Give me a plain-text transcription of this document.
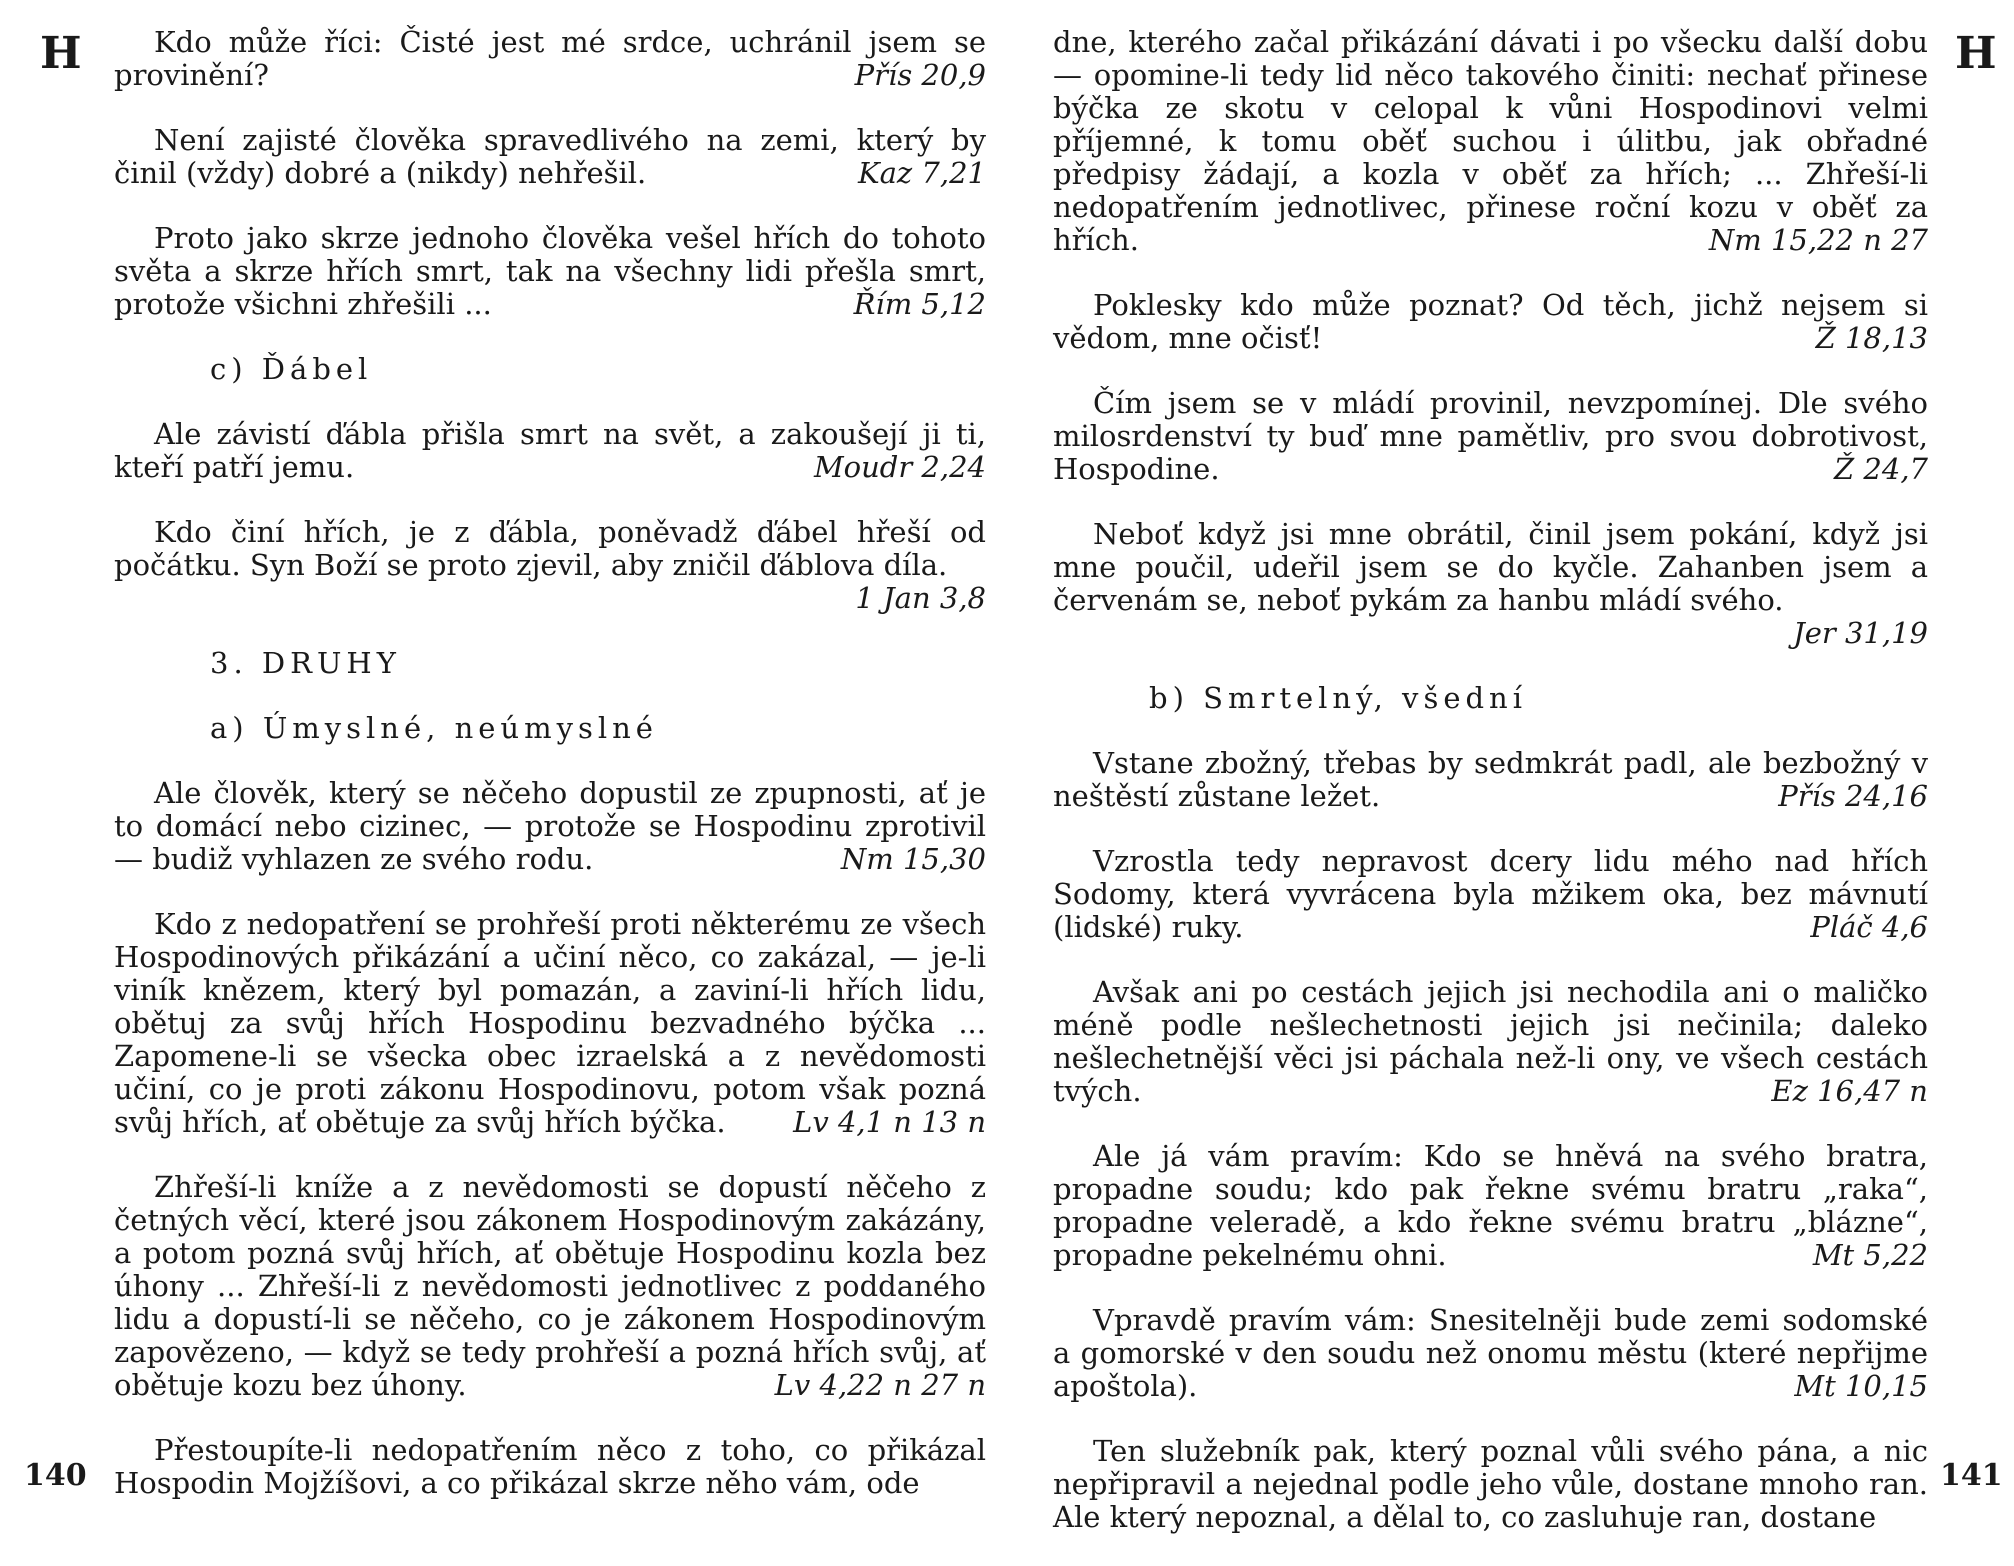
H	H
Kdo může říci: Čisté jest mé srdce, uchránil jsem se provinění?	Přís 20,9
Není zajisté člověka spravedlivého na zemi, který by činil (vždy) dobré a (nikdy) nehřešil.	Kaz 7,21
Proto jako skrze jednoho člověka vešel hřích do tohoto světa a skrze hřích smrt, tak na všechny lidi přešla smrt, protože všichni zhřešili ...	Řím 5,12
c) Ďábel
Ale závistí ďábla přišla smrt na svět, a zakoušejí ji ti, kteří patří jemu.	Moudr 2,24
Kdo činí hřích, je z ďábla, poněvadž ďábel hřeší od počátku. Syn Boží se proto zjevil, aby zničil ďáblova díla.
1 Jan 3,8
3. DRUHY
a) Úmyslné, neúmyslné
Ale člověk, který se něčeho dopustil ze zpupnosti, ať je to domácí nebo cizinec, — protože se Hospodinu zprotivil — budiž vyhlazen ze svého rodu.	Nm 15,30
Kdo z nedopatření se prohřeší proti některému ze všech Hospodinových přikázání a učiní něco, co zakázal, — je-li viník knězem, který byl pomazán, a zaviní-li hřích lidu, obětuj za svůj hřích Hospodinu bezvadného býčka ... Zapomene-li se všecka obec izraelská a z nevědomosti učiní, co je proti zákonu Hospodinovu, potom však pozná svůj hřích, ať obětuje za svůj hřích býčka.	Lv 4,1 n 13 n
Zhřeší-li kníže a z nevědomosti se dopustí něčeho z četných věcí, které jsou zákonem Hospodinovým zakázány, a potom pozná svůj hřích, ať obětuje Hospodinu kozla bez úhony ... Zhřeší-li z nevědomosti jednotlivec z poddaného lidu a dopustí-li se něčeho, co je zákonem Hospodinovým zapovězeno, — když se tedy prohřeší a pozná hřích svůj, ať obětuje kozu bez úhony.	Lv 4,22 n 27 n
Přestoupíte-li nedopatřením něco z toho, co přikázal Hospodin Mojžíšovi, a co přikázal skrze něho vám, ode
dne, kterého začal přikázání dávati i po všecku další dobu — opomine-li tedy lid něco takového činiti: nechať přinese býčka ze skotu v celopal k vůni Hospodinovi velmi příjemné, k tomu oběť suchou i úlitbu, jak obřadné předpisy žádají, a kozla v oběť za hřích; ... Zhřeší-li nedopatřením jednotlivec, přinese roční kozu v oběť za hřích.	Nm 15,22 n 27
Poklesky kdo může poznat? Od těch, jichž nejsem si vědom, mne očisť!	Ž 18,13
Čím jsem se v mládí provinil, nevzpomínej. Dle svého milosrdenství ty buď mne pamětliv, pro svou dobrotivost, Hospodine.	Ž 24,7
Neboť když jsi mne obrátil, činil jsem pokání, když jsi mne poučil, udeřil jsem se do kyčle. Zahanben jsem a červenám se, neboť pykám za hanbu mládí svého.
Jer 31,19
b) Smrtelný, všední
Vstane zbožný, třebas by sedmkrát padl, ale bezbožný v neštěstí zůstane ležet.	Přís 24,16
Vzrostla tedy nepravost dcery lidu mého nad hřích Sodomy, která vyvrácena byla mžikem oka, bez mávnutí (lidské) ruky.	Pláč 4,6
Avšak ani po cestách jejich jsi nechodila ani o maličko méně podle nešlechetnosti jejich jsi nečinila; daleko nešlechetnější věci jsi páchala než-li ony, ve všech cestách tvých.	Ez 16,47 n
Ale já vám pravím: Kdo se hněvá na svého bratra, propadne soudu; kdo pak řekne svému bratru „raka“, propadne veleradě, a kdo řekne svému bratru „blázne“, propadne pekelnému ohni.	Mt 5,22
Vpravdě pravím vám: Snesitelněji bude zemi sodomské a gomorské v den soudu než onomu městu (které nepřijme apoštola).	Mt 10,15
Ten služebník pak, který poznal vůli svého pána, a nic nepřipravil a nejednal podle jeho vůle, dostane mnoho ran. Ale který nepoznal, a dělal to, co zasluhuje ran, dostane
140	141
